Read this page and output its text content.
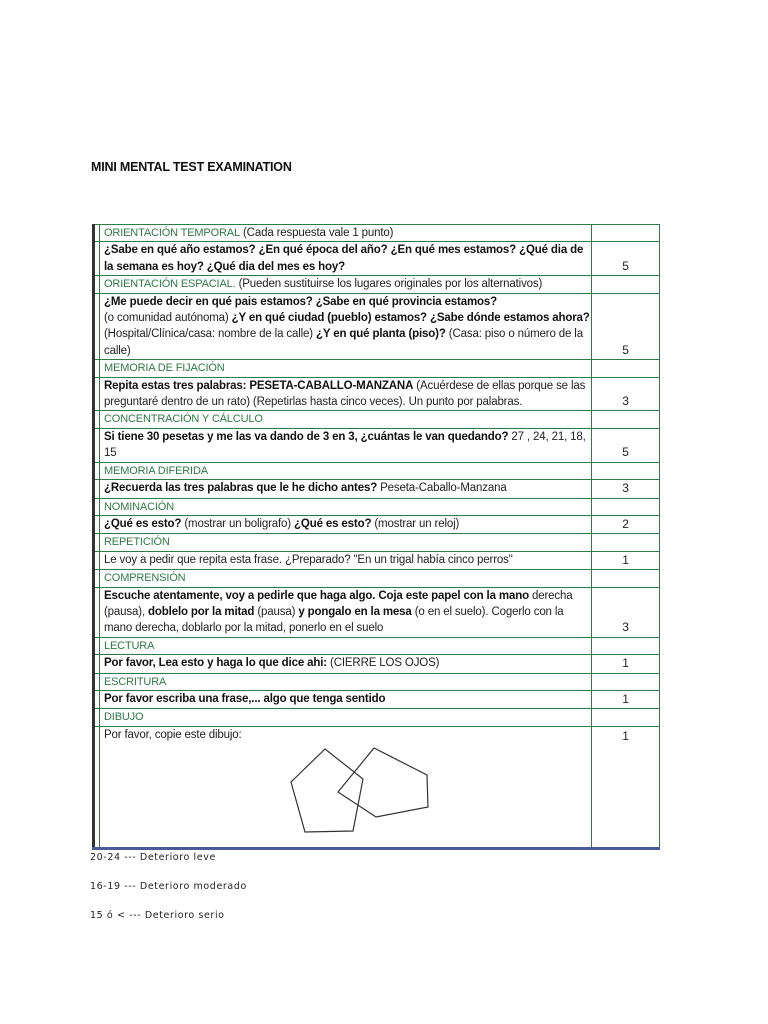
MINI MENTAL TEST EXAMINATION
	ORIENTACIÓN TEMPORAL (Cada respuesta vale 1 punto)	
	¿Sabe en qué año estamos? ¿En qué época del año? ¿En qué mes estamos? ¿Qué dia de la semana es hoy? ¿Qué dia del mes es hoy?	5
	ORIENTACIÓN ESPACIAL. (Pueden sustituirse los lugares originales por los alternativos)	
	¿Me puede decir en qué pais estamos? ¿Sabe en qué provincia estamos?
(o comunidad autónoma) ¿Y en qué ciudad (pueblo) estamos? ¿Sabe dónde estamos ahora? (Hospital/Clínica/casa: nombre de la calle) ¿Y en qué planta (piso)? (Casa: piso o número de la calle)	5
	MEMORIA DE FIJACIÓN	
	Repita estas tres palabras: PESETA-CABALLO-MANZANA (Acuérdese de ellas porque se las preguntaré dentro de un rato) (Repetirlas hasta cinco veces). Un punto por palabras.	3
	CONCENTRACIÓN Y CÁLCULO	
	Si tiene 30 pesetas y me las va dando de 3 en 3, ¿cuántas le van quedando? 27 , 24, 21, 18, 15	5
	MEMORIA DIFERIDA	
	¿Recuerda las tres palabras que le he dicho antes? Peseta-Caballo-Manzana	3
	NOMINACIÓN	
	¿Qué es esto? (mostrar un boligrafo) ¿Qué es esto? (mostrar un reloj)	2
	REPETICIÓN	
	Le voy a pedir que repita esta frase. ¿Preparado? "En un trigal había cinco perros"	1
	COMPRENSIÓN	
	Escuche atentamente, voy a pedirle que haga algo. Coja este papel con la mano derecha (pausa), doblelo por la mitad (pausa) y pongalo en la mesa (o en el suelo). Cogerlo con la mano derecha, doblarlo por la mitad, ponerlo en el suelo	3
	LECTURA	
	Por favor, Lea esto y haga lo que dice ahi: (CIERRE LOS OJOS)	1
	ESCRITURA	
	Por favor escriba una frase,... algo que tenga sentido	1
	DIBUJO	
	Por favor, copie este dibujo:	1
20-24 --- Deterioro leve
16-19 --- Deterioro moderado
15 ó < --- Deterioro serio
